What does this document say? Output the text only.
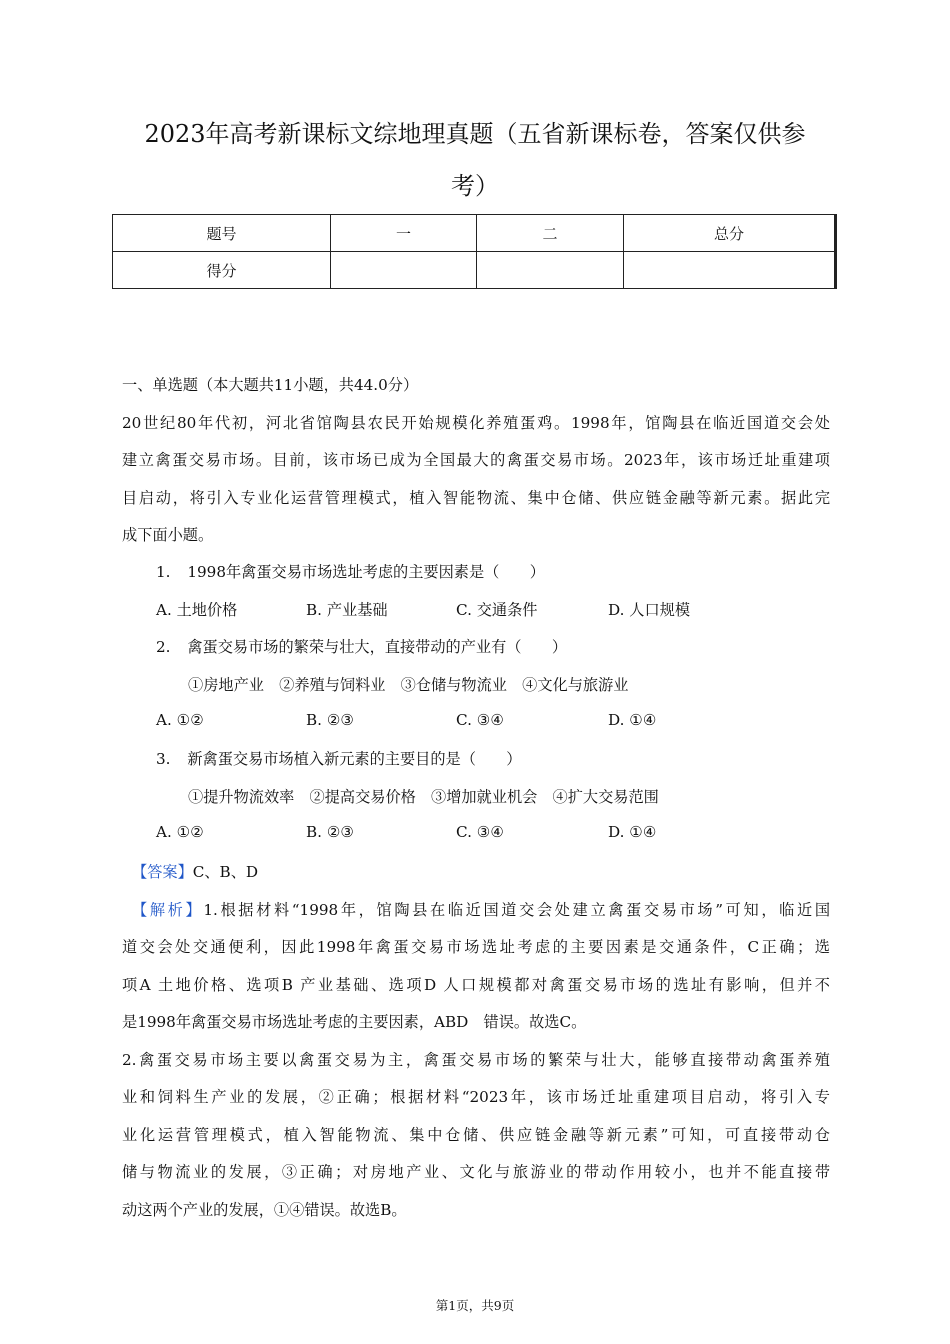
2023年高考新课标文综地理真题（五省新课标卷，答案仅供参
考）
题号	一	二	总分
得分			
一、单选题（本大题共11小题，共44.0分）
20世纪80年代初，河北省馆陶县农民开始规模化养殖蛋鸡。1998年，馆陶县在临近国道交会处
建立禽蛋交易市场。目前，该市场已成为全国最大的禽蛋交易市场。2023年，该市场迁址重建项
目启动，将引入专业化运营管理模式，植入智能物流、集中仓储、供应链金融等新元素。据此完
成下面小题。
1. 1998年禽蛋交易市场选址考虑的主要因素是（　　）
A. 土地价格	B. 产业基础	C. 交通条件	D. 人口规模
2. 禽蛋交易市场的繁荣与壮大，直接带动的产业有（　　）
①房地产业　②养殖与饲料业　③仓储与物流业　④文化与旅游业
A. ①②	B. ②③	C. ③④	D. ①④
3. 新禽蛋交易市场植入新元素的主要目的是（　　）
①提升物流效率　②提高交易价格　③增加就业机会　④扩大交易范围
A. ①②	B. ②③	C. ③④	D. ①④
【答案】C、B、D
【解析】1.根据材料“1998年，馆陶县在临近国道交会处建立禽蛋交易市场”可知，临近国
道交会处交通便利，因此1998年禽蛋交易市场选址考虑的主要因素是交通条件，C正确；选
项A 土地价格、选项B 产业基础、选项D 人口规模都对禽蛋交易市场的选址有影响，但并不
是1998年禽蛋交易市场选址考虑的主要因素，ABD　错误。故选C。
2.禽蛋交易市场主要以禽蛋交易为主，禽蛋交易市场的繁荣与壮大，能够直接带动禽蛋养殖
业和饲料生产业的发展，②正确；根据材料“2023年，该市场迁址重建项目启动，将引入专
业化运营管理模式，植入智能物流、集中仓储、供应链金融等新元素”可知，可直接带动仓
储与物流业的发展，③正确；对房地产业、文化与旅游业的带动作用较小，也并不能直接带
动这两个产业的发展，①④错误。故选B。
第1页，共9页
